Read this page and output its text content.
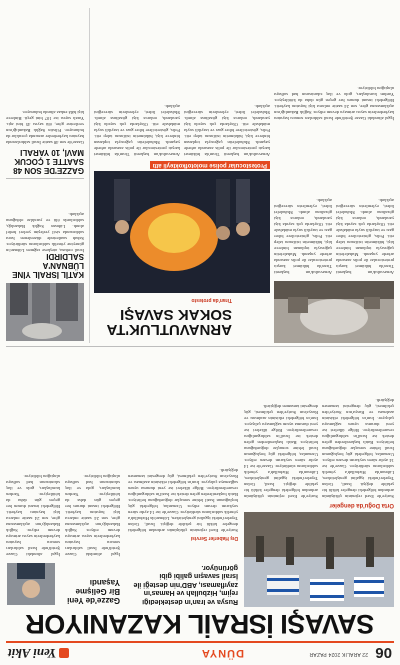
06
22 ARALIK 2024 PAZAR
DÜNYA
Yeni Akit
SAVAŞI İSRAİL KAZANIYOR
Orta Doğu'da dengeler
Suriye'de Esed rejiminin çöküşünün ardından bölgedeki dengeler köklü bir şekilde değişti. İsrail, Golan Tepeleri'ndeki işgalini genişletirken, Lübnan'da Hizbullah'a yönelik saldırılarını sürdürüyor. Gazze'de ise 14 aydır süren soykırım devam ediyor. Uzmanlar, bölgedeki güç boşluğunun İsrail lehine sonuçlar doğurduğunu belirtiyor. Batılı başkentlerden gelen destek ise İsrail'in saldırganlığını cesaretlendiriyor. Bölge ülkeleri ise yeni duruma uyum sağlamaya çalışıyor. İran'ın bölgedeki etkisinin azalması ve Rusya'nın Suriye'den çekilmesi, güç dengesini tamamen değiştirdi.
Suriye'de Esed rejiminin çöküşünün ardından bölgedeki dengeler köklü bir şekilde değişti. İsrail, Golan Tepeleri'ndeki işgalini genişletirken, Lübnan'da Hizbullah'a yönelik saldırılarını sürdürüyor. Gazze'de ise 14 aydır süren soykırım devam ediyor. Uzmanlar, bölgedeki güç boşluğunun İsrail lehine sonuçlar doğurduğunu belirtiyor. Batılı başkentlerden gelen destek ise İsrail'in saldırganlığını cesaretlendiriyor. Bölge ülkeleri ise yeni duruma uyum sağlamaya çalışıyor. İran'ın bölgedeki etkisinin azalması ve Rusya'nın Suriye'den çekilmesi, güç dengesini tamamen değiştirdi.
Rusya ve İran'ın desteklediği rejim, Hizbullah ve Hamas'ın zayıflaması, ABD'nin desteği ile İsrail savaşın galibi gibi görünüyor.
Dış Haberler Servisi
Suriye'de Esed rejiminin çöküşünün ardından bölgedeki dengeler köklü bir şekilde değişti. İsrail, Golan Tepeleri'ndeki işgalini genişletirken, Lübnan'da Hizbullah'a yönelik saldırılarını sürdürüyor. Gazze'de ise 14 aydır süren soykırım devam ediyor. Uzmanlar, bölgedeki güç boşluğunun İsrail lehine sonuçlar doğurduğunu belirtiyor. Batılı başkentlerden gelen destek ise İsrail'in saldırganlığını cesaretlendiriyor. Bölge ülkeleri ise yeni duruma uyum sağlamaya çalışıyor. İran'ın bölgedeki etkisinin azalması ve Rusya'nın Suriye'den çekilmesi, güç dengesini tamamen değiştirdi.
Gazze'de Yeni Bir Gelişme Yaşandı
İşgal altındaki Gazze Şeridi'nde İsrail saldırıları sonucu hayatını kaybedenlerin sayısı artmaya devam ediyor. Sağlık Bakanlığı'nın açıklamasına göre, son 24 saatte onlarca kişi hayatını kaybetti. Bölgedeki insani durum her geçen gün daha da kötüleşiyor. Yardım kuruluşları, gıda ve ilaç sıkıntısının had safhaya ulaştığını bildiriyor.
İşgal altındaki Gazze Şeridi'nde İsrail saldırıları sonucu hayatını kaybedenlerin sayısı artmaya devam ediyor. Sağlık Bakanlığı'nın açıklamasına göre, son 24 saatte onlarca kişi hayatını kaybetti. Bölgedeki insani durum her geçen gün daha da kötüleşiyor. Yardım kuruluşları, gıda ve ilaç sıkıntısının had safhaya ulaştığını bildiriyor.
ARNAVUTLUK'TA SOKAK SAVAŞI
Tiran'da protesto
Arnavutluk'un başkenti Tiran'da hükümet karşıtı protestocular ile polis arasında arbede yaşandı. Muhalefetin çağrısıyla toplanan binlerce kişi, hükümetin istifasını talep etti. Polis, göstericilere biber gazı ve tazyikli suyla müdahale etti. Olaylarda çok sayıda kişi yaralandı, onlarca kişi gözaltına alındı. Muhalefet lideri, eylemlerin süreceğini açıkladı.
Arnavutluk'un başkenti Tiran'da hükümet karşıtı protestocular ile polis arasında arbede yaşandı. Muhalefetin çağrısıyla toplanan binlerce kişi, hükümetin istifasını talep etti. Polis, göstericilere biber gazı ve tazyikli suyla müdahale etti. Olaylarda çok sayıda kişi yaralandı, onlarca kişi gözaltına alındı. Muhalefet lideri, eylemlerin süreceğini açıkladı.
Protestocular polise molotofkokteyli attı
KATİL İSRAİL YİNE LÜBNAN'A SALDIRDI
İsrail ordusu, ateşkese rağmen Lübnan'ın güneyine yönelik saldırılarını sürdürüyor. Sabah saatlerinde düzenlenen hava saldırısında sivil yerleşim yerleri hedef alındı. Lübnan Sağlık Bakanlığı, saldırılarda ölü ve yaralılar olduğunu açıkladı.
GAZZE'DE SON 48 SAATTE 1 ÇOCUK MAVİ, 10 YARALI
Gazze'de son 48 saatte İsrail saldırılarında hayatını kaybedenler arasında çocuklar da bulunuyor. Filistin Sağlık Bakanlığı'nın verilerine göre, ölü sayısı 45 bini aştı. Yaralı sayısı ise 107 bini geçti. Binlerce kişi hâlâ enkaz altında bulunuyor.
Arnavutluk'un başkenti Tiran'da hükümet karşıtı protestocular ile polis arasında arbede yaşandı. Muhalefetin çağrısıyla toplanan binlerce kişi, hükümetin istifasını talep etti. Polis, göstericilere biber gazı ve tazyikli suyla müdahale etti. Olaylarda çok sayıda kişi yaralandı, onlarca kişi gözaltına alındı. Muhalefet lideri, eylemlerin süreceğini açıkladı.
Arnavutluk'un başkenti Tiran'da hükümet karşıtı protestocular ile polis arasında arbede yaşandı. Muhalefetin çağrısıyla toplanan binlerce kişi, hükümetin istifasını talep etti. Polis, göstericilere biber gazı ve tazyikli suyla müdahale etti. Olaylarda çok sayıda kişi yaralandı, onlarca kişi gözaltına alındı. Muhalefet lideri, eylemlerin süreceğini açıkladı.
İşgal altındaki Gazze Şeridi'nde İsrail saldırıları sonucu hayatını kaybedenlerin sayısı artmaya devam ediyor. Sağlık Bakanlığı'nın açıklamasına göre, son 24 saatte onlarca kişi hayatını kaybetti. Bölgedeki insani durum her geçen gün daha da kötüleşiyor. Yardım kuruluşları, gıda ve ilaç sıkıntısının had safhaya ulaştığını bildiriyor.
